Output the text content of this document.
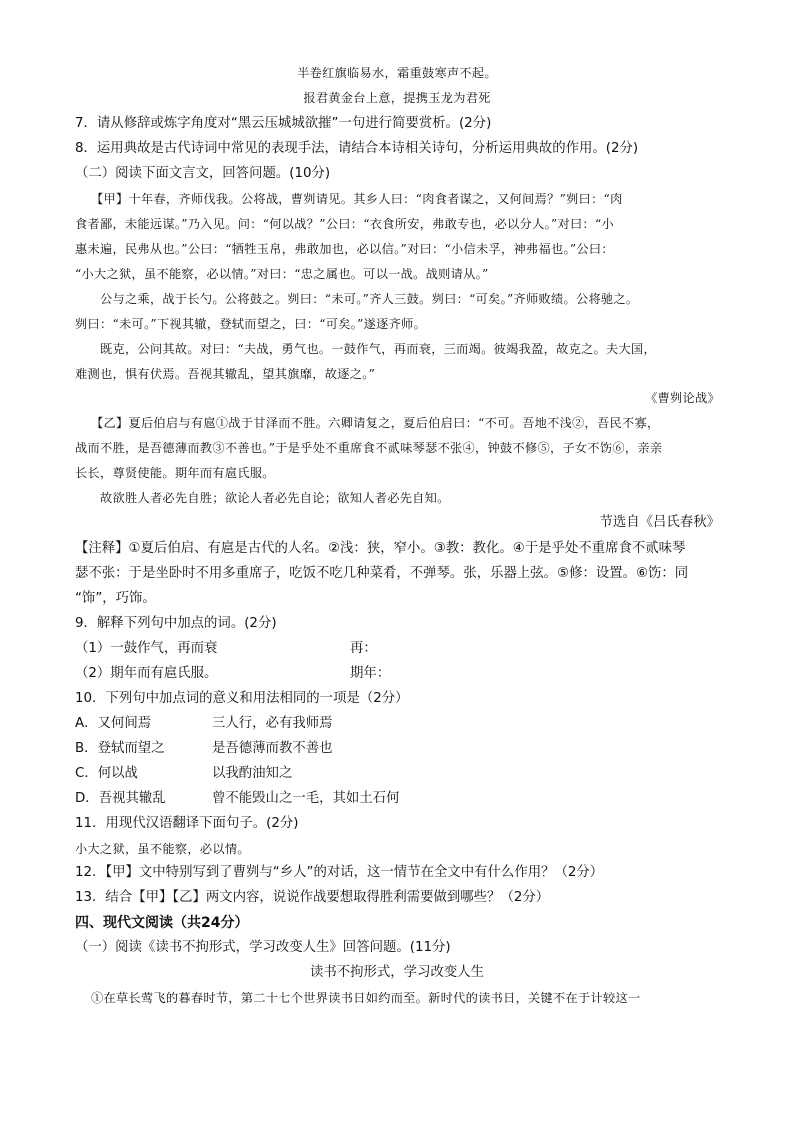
半卷红旗临易水，霜重鼓寒声不起。
报君黄金台上意，提携玉龙为君死
7．请从修辞或炼字角度对“黑云压城城欲摧”一句进行简要赏析。(2分)
8．运用典故是古代诗词中常见的表现手法，请结合本诗相关诗句，分析运用典故的作用。(2分)
（二）阅读下面文言文，回答问题。(10分)
【甲】十年春，齐师伐我。公将战，曹刿请见。其乡人曰：“肉食者谋之，又何间焉？”刿曰：“肉
食者鄙，未能远谋。”乃入见。问：“何以战？”公曰：“衣食所安，弗敢专也，必以分人。”对曰：“小
惠未遍，民弗从也。”公曰：“牺牲玉帛，弗敢加也，必以信。”对曰：“小信未孚，神弗福也。”公曰：
“小大之狱，虽不能察，必以情。”对曰：“忠之属也。可以一战。战则请从。”
公与之乘，战于长勺。公将鼓之。刿曰：“未可。”齐人三鼓。刿曰：“可矣。”齐师败绩。公将驰之。
刿曰：“未可。”下视其辙，登轼而望之，曰：“可矣。”遂逐齐师。
既克，公问其故。对曰：“夫战，勇气也。一鼓作气，再而衰，三而竭。彼竭我盈，故克之。夫大国，
难测也，惧有伏焉。吾视其辙乱，望其旗靡，故逐之。”
《曹刿论战》
【乙】夏后伯启与有扈①战于甘泽而不胜。六卿请复之，夏后伯启曰：“不可。吾地不浅②，吾民不寡，
战而不胜，是吾德薄而教③不善也。”于是乎处不重席食不贰味琴瑟不张④，钟鼓不修⑤，子女不饬⑥，亲亲
长长，尊贤使能。期年而有扈氏服。
故欲胜人者必先自胜；欲论人者必先自论；欲知人者必先自知。
节选自《吕氏春秋》
【注释】①夏后伯启、有扈是古代的人名。②浅：狭，窄小。③教：教化。④于是乎处不重席食不贰味琴
瑟不张：于是坐卧时不用多重席子，吃饭不吃几种菜肴，不弹琴。张，乐器上弦。⑤修：设置。⑥饬：同
“饰”，巧饰。
9．解释下列句中加点的词。(2分)
（1）一鼓作气，再而衰	再：
（2）期年而有扈氏服。	期年：
10．下列句中加点词的意义和用法相同的一项是（2分）
A．又何间焉	三人行，必有我师焉
B．登轼而望之	是吾德薄而教不善也
C．何以战	以我酌油知之
D．吾视其辙乱	曾不能毁山之一毛，其如土石何
11．用现代汉语翻译下面句子。(2分)
小大之狱，虽不能察，必以情。
12．【甲】文中特别写到了曹刿与“乡人”的对话，这一情节在全文中有什么作用？（2分）
13．结合【甲】【乙】两文内容，说说作战要想取得胜利需要做到哪些？（2分）
四、现代文阅读（共24分）
（一）阅读《读书不拘形式，学习改变人生》回答问题。(11分)
读书不拘形式，学习改变人生
①在草长莺飞的暮春时节，第二十七个世界读书日如约而至。新时代的读书日，关键不在于计较这一
